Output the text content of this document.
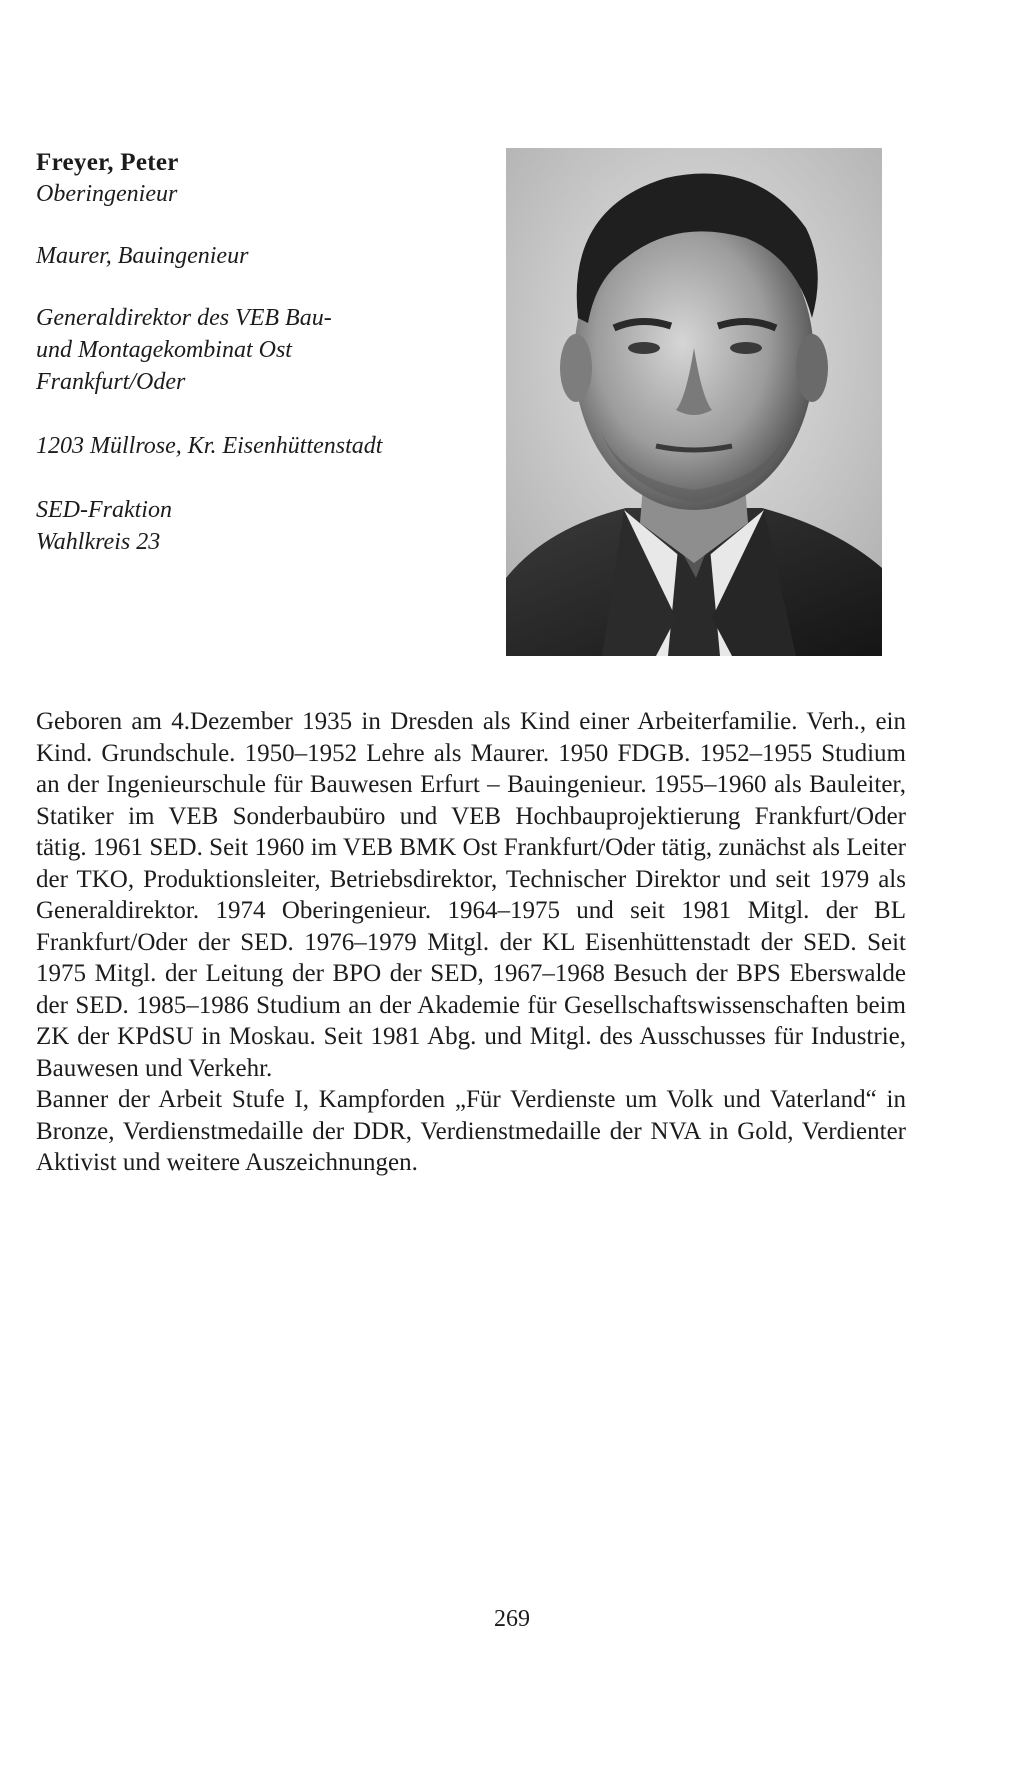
Freyer, Peter
Oberingenieur
Maurer, Bauingenieur
Generaldirektor des VEB Bau-
und Montagekombinat Ost
Frankfurt/Oder
1203 Müllrose, Kr. Eisenhüttenstadt
SED-Fraktion
Wahlkreis 23

Geboren am 4.Dezember 1935 in Dresden als Kind einer Arbeiterfamilie. Verh., ein Kind. Grundschule. 1950–1952 Lehre als Maurer. 1950 FDGB. 1952–1955 Studium an der Ingenieurschule für Bauwesen Erfurt – Bauingenieur. 1955–1960 als Bauleiter, Statiker im VEB Sonderbaubüro und VEB Hochbauprojektierung Frankfurt/Oder tätig. 1961 SED. Seit 1960 im VEB BMK Ost Frankfurt/Oder tätig, zunächst als Leiter der TKO, Produktionsleiter, Betriebsdirektor, Technischer Direktor und seit 1979 als Generaldirektor. 1974 Oberingenieur. 1964–1975 und seit 1981 Mitgl. der BL Frankfurt/Oder der SED. 1976–1979 Mitgl. der KL Eisenhüttenstadt der SED. Seit 1975 Mitgl. der Leitung der BPO der SED, 1967–1968 Besuch der BPS Eberswalde der SED. 1985–1986 Studium an der Akademie für Gesellschaftswissenschaften beim ZK der KPdSU in Moskau. Seit 1981 Abg. und Mitgl. des Ausschusses für Industrie, Bauwesen und Verkehr.

Banner der Arbeit Stufe I, Kampforden „Für Verdienste um Volk und Vaterland“ in Bronze, Verdienstmedaille der DDR, Verdienstmedaille der NVA in Gold, Verdienter Aktivist und weitere Auszeichnungen.

269
